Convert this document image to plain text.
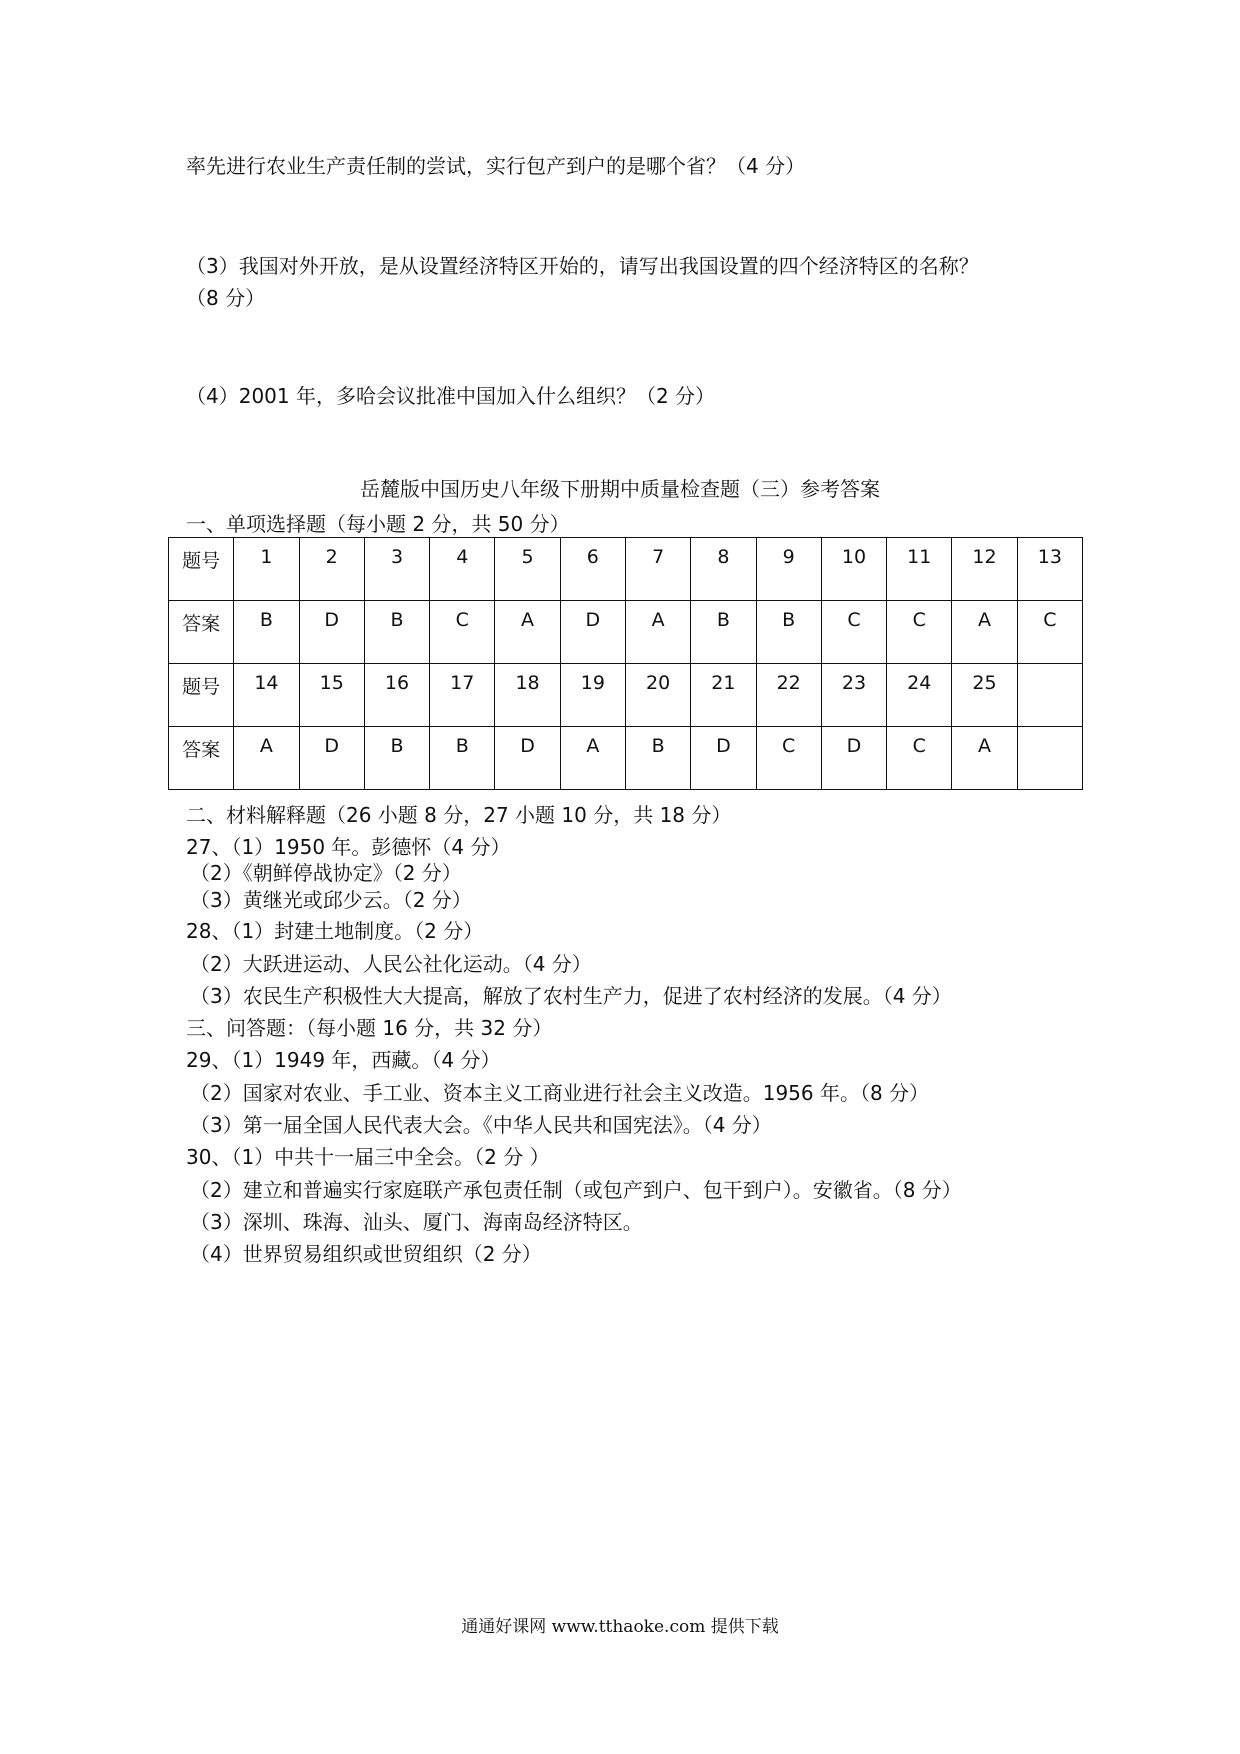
率先进行农业生产责任制的尝试，实行包产到户的是哪个省？（4 分）
（3）我国对外开放，是从设置经济特区开始的，请写出我国设置的四个经济特区的名称？
（8 分）
（4）2001 年，多哈会议批准中国加入什么组织？（2 分）
岳麓版中国历史八年级下册期中质量检查题（三）参考答案
一、单项选择题（每小题 2 分，共 50 分）
题号	1	2	3	4	5	6	7	8	9	10	11	12	13
答案	B	D	B	C	A	D	A	B	B	C	C	A	C
题号	14	15	16	17	18	19	20	21	22	23	24	25	
答案	A	D	B	B	D	A	B	D	C	D	C	A	
二、材料解释题（26 小题 8 分，27 小题 10 分，共 18 分）
27、（1）1950 年。彭德怀（4 分）
（2）《朝鲜停战协定》（2 分）
（3）黄继光或邱少云。（2 分）
28、（1）封建土地制度。（2 分）
（2）大跃进运动、人民公社化运动。（4 分）
（3）农民生产积极性大大提高，解放了农村生产力，促进了农村经济的发展。（4 分）
三、问答题：（每小题 16 分，共 32 分）
29、（1）1949 年，西藏。（4 分）
（2）国家对农业、手工业、资本主义工商业进行社会主义改造。1956 年。（8 分）
（3）第一届全国人民代表大会。《中华人民共和国宪法》。（4 分）
30、（1）中共十一届三中全会。（2 分 ）
（2）建立和普遍实行家庭联产承包责任制（或包产到户、包干到户）。安徽省。（8 分）
（3）深圳、珠海、汕头、厦门、海南岛经济特区。
（4）世界贸易组织或世贸组织（2 分）
通通好课网 www.tthaoke.com 提供下载
